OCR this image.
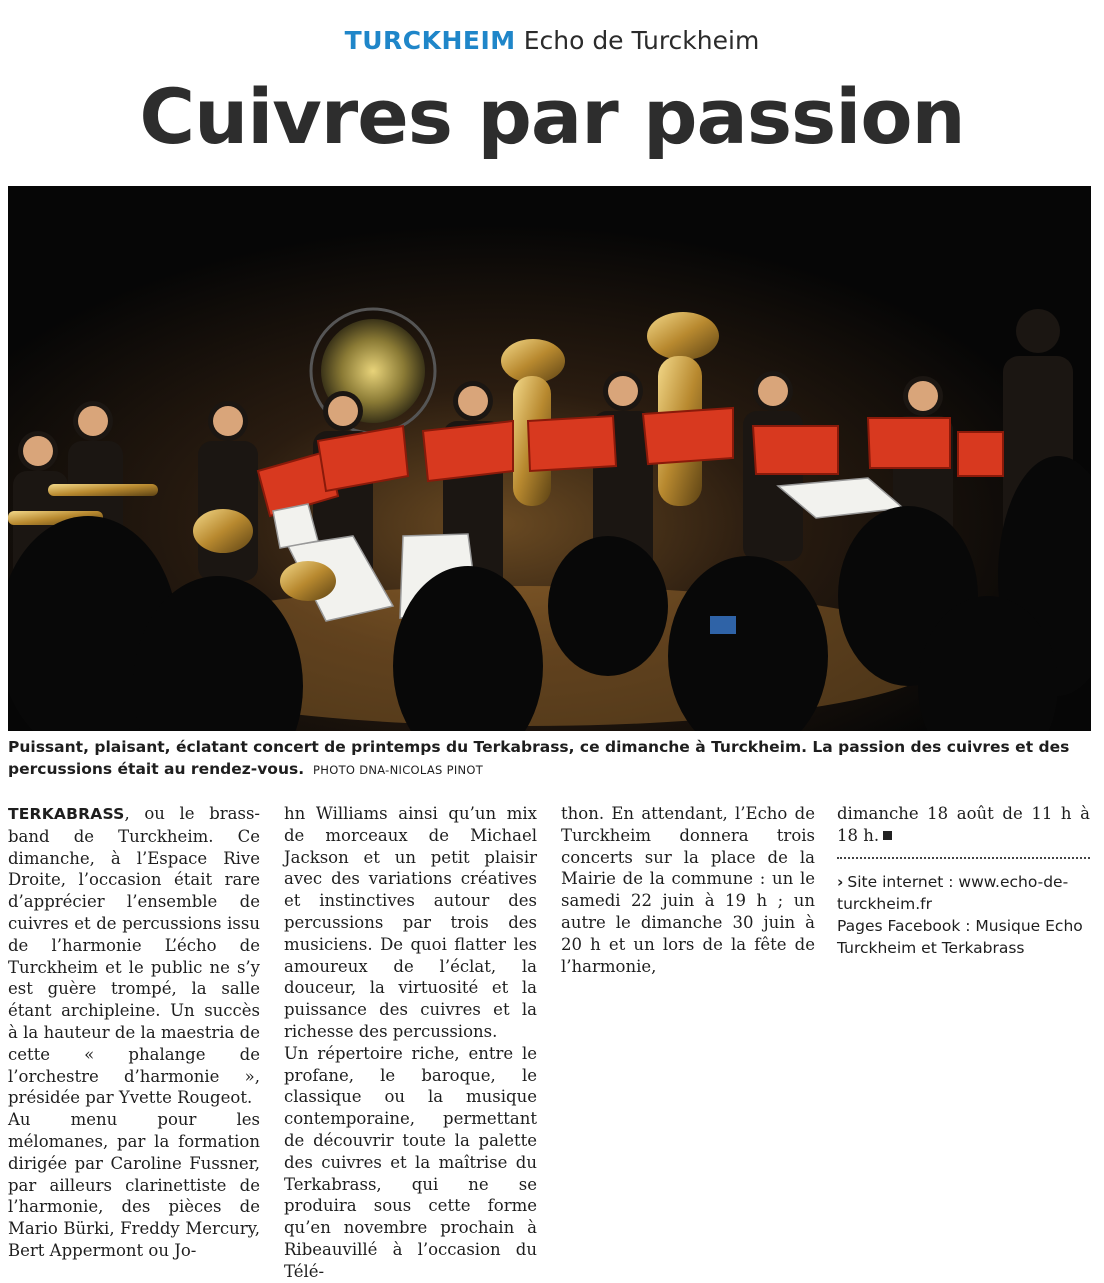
TURCKHEIM Echo de Turckheim
Cuivres par passion
Puissant, plaisant, éclatant concert de printemps du Terkabrass, ce dimanche à Turckheim. La passion des cuivres et des percussions était au rendez-vous. PHOTO DNA-NICOLAS PINOT

TERKABRASS, ou le brass-band de Turckheim. Ce dimanche, à l’Espace Rive Droite, l’occasion était rare d’apprécier l’ensemble de cuivres et de percussions issu de l’harmonie L’écho de Turckheim et le public ne s’y est guère trompé, la salle étant archipleine. Un succès à la hauteur de la maestria de cette « phalange de l’orchestre d’harmonie », présidée par Yvette Rougeot.

Au menu pour les mélomanes, par la formation dirigée par Caroline Fussner, par ailleurs clarinettiste de l’harmonie, des pièces de Mario Bürki, Freddy Mercury, Bert Appermont ou Jo-

hn Williams ainsi qu’un mix de morceaux de Michael Jackson et un petit plaisir avec des variations créatives et instinctives autour des percussions par trois des musiciens. De quoi flatter les amoureux de l’éclat, la douceur, la virtuosité et la puissance des cuivres et la richesse des percussions.

Un répertoire riche, entre le profane, le baroque, le classique ou la musique contemporaine, permettant de découvrir toute la palette des cuivres et la maîtrise du Terkabrass, qui ne se produira sous cette forme qu’en novembre prochain à Ribeauvillé à l’occasion du Télé-

thon. En attendant, l’Echo de Turckheim donnera trois concerts sur la place de la Mairie de la commune : un le samedi 22 juin à 19 h ; un autre le dimanche 30 juin à 20 h et un lors de la fête de l’harmonie,

dimanche 18 août de 11 h à 18 h.

› Site internet : www.echo-de-turckheim.fr
Pages Facebook : Musique Echo Turckheim et Terkabrass
